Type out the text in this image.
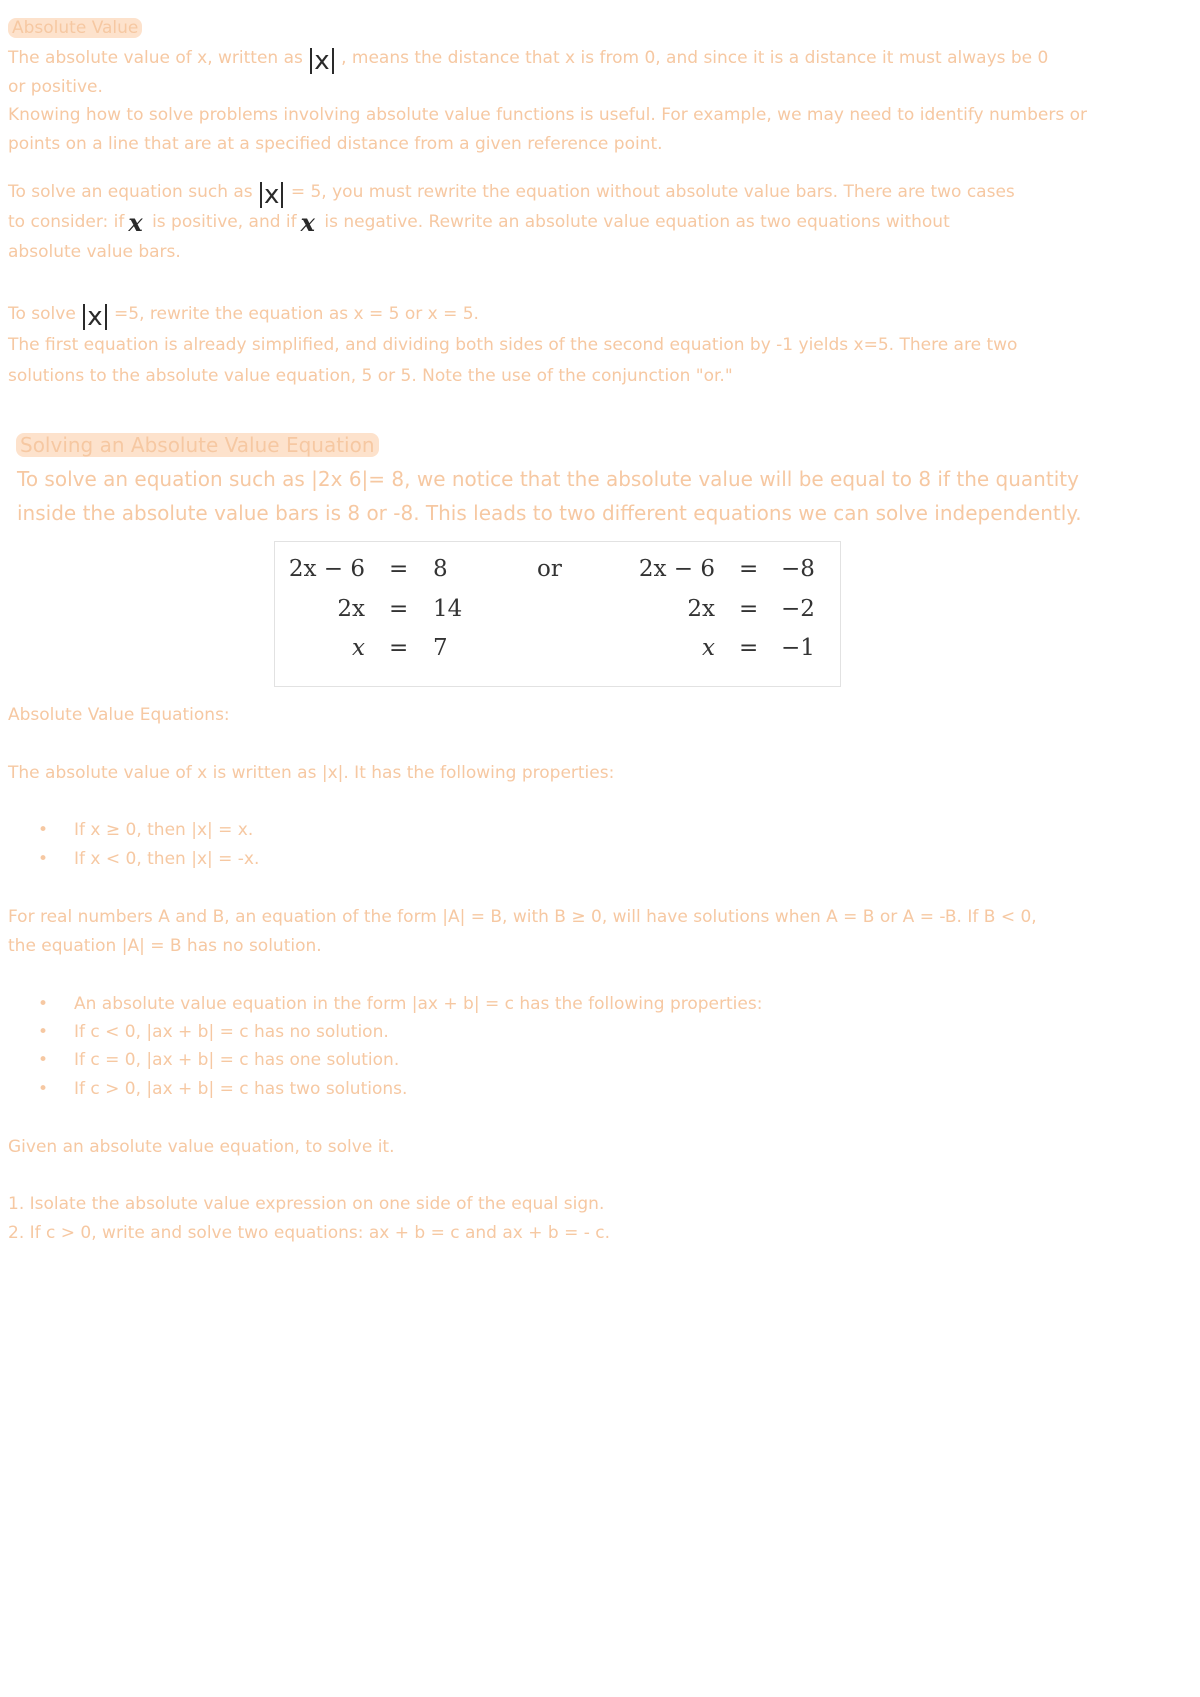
Absolute Value
The absolute value of x, written as x , means the distance that x is from 0, and since it is a distance it must always be 0
or positive.
Knowing how to solve problems involving absolute value functions is useful. For example, we may need to identify numbers or
points on a line that are at a specified distance from a given reference point.
To solve an equation such as x = 5, you must rewrite the equation without absolute value bars. There are two cases
to consider: if x is positive, and if x is negative. Rewrite an absolute value equation as two equations without
absolute value bars.
To solve x =5, rewrite the equation as x = 5 or x = 5.
The first equation is already simplified, and dividing both sides of the second equation by -1 yields x=5. There are two
solutions to the absolute value equation, 5 or 5. Note the use of the conjunction "or."
Solving an Absolute Value Equation
To solve an equation such as |2x 6|= 8, we notice that the absolute value will be equal to 8 if the quantity
inside the absolute value bars is 8 or -8. This leads to two different equations we can solve independently.
2x − 6 = 8
2x = 14
x = 7
or	2x − 6 = −8
2x = −2
x = −1
Absolute Value Equations:
The absolute value of x is written as |x|. It has the following properties:
If x ≥ 0, then |x| = x.
If x < 0, then |x| = -x.
For real numbers A and B, an equation of the form |A| = B, with B ≥ 0, will have solutions when A = B or A = -B. If B < 0,
the equation |A| = B has no solution.
An absolute value equation in the form |ax + b| = c has the following properties:
If c < 0, |ax + b| = c has no solution.
If c = 0, |ax + b| = c has one solution.
If c > 0, |ax + b| = c has two solutions.
Given an absolute value equation, to solve it.
1. Isolate the absolute value expression on one side of the equal sign.
2. If c > 0, write and solve two equations: ax + b = c and ax + b = - c.
